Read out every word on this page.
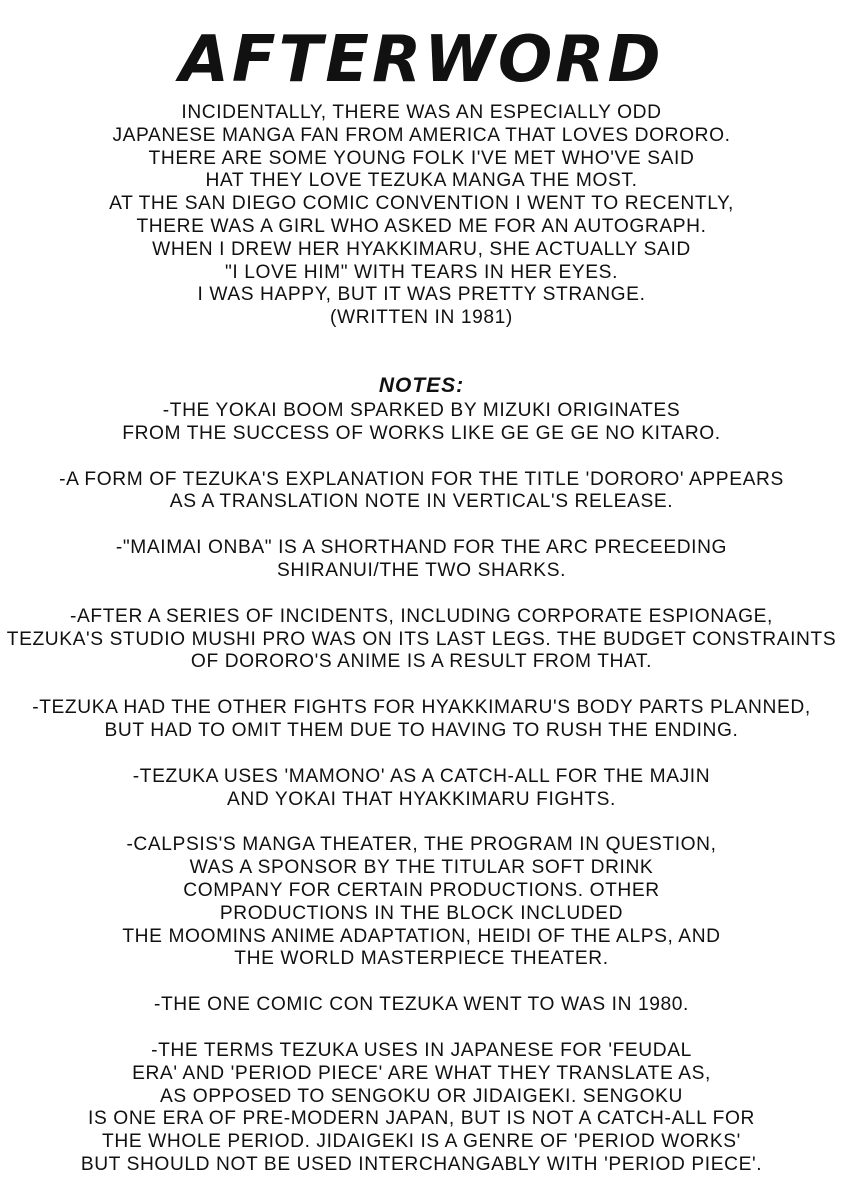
AFTERWORD
INCIDENTALLY, THERE WAS AN ESPECIALLY ODD
JAPANESE MANGA FAN FROM AMERICA THAT LOVES DORORO.
THERE ARE SOME YOUNG FOLK I'VE MET WHO'VE SAID
HAT THEY LOVE TEZUKA MANGA THE MOST.
AT THE SAN DIEGO COMIC CONVENTION I WENT TO RECENTLY,
THERE WAS A GIRL WHO ASKED ME FOR AN AUTOGRAPH.
WHEN I DREW HER HYAKKIMARU, SHE ACTUALLY SAID
"I LOVE HIM" WITH TEARS IN HER EYES.
I WAS HAPPY, BUT IT WAS PRETTY STRANGE.
(WRITTEN IN 1981)
NOTES:
-THE YOKAI BOOM SPARKED BY MIZUKI ORIGINATES
FROM THE SUCCESS OF WORKS LIKE GE GE GE NO KITARO.
-A FORM OF TEZUKA'S EXPLANATION FOR THE TITLE 'DORORO' APPEARS
AS A TRANSLATION NOTE IN VERTICAL'S RELEASE.
-"MAIMAI ONBA" IS A SHORTHAND FOR THE ARC PRECEEDING
SHIRANUI/THE TWO SHARKS.
-AFTER A SERIES OF INCIDENTS, INCLUDING CORPORATE ESPIONAGE,
TEZUKA'S STUDIO MUSHI PRO WAS ON ITS LAST LEGS. THE BUDGET CONSTRAINTS
OF DORORO'S ANIME IS A RESULT FROM THAT.
-TEZUKA HAD THE OTHER FIGHTS FOR HYAKKIMARU'S BODY PARTS PLANNED,
BUT HAD TO OMIT THEM DUE TO HAVING TO RUSH THE ENDING.
-TEZUKA USES 'MAMONO' AS A CATCH-ALL FOR THE MAJIN
AND YOKAI THAT HYAKKIMARU FIGHTS.
-CALPSIS'S MANGA THEATER, THE PROGRAM IN QUESTION,
WAS A SPONSOR BY THE TITULAR SOFT DRINK
COMPANY FOR CERTAIN PRODUCTIONS. OTHER
PRODUCTIONS IN THE BLOCK INCLUDED
THE MOOMINS ANIME ADAPTATION, HEIDI OF THE ALPS, AND
THE WORLD MASTERPIECE THEATER.
-THE ONE COMIC CON TEZUKA WENT TO WAS IN 1980.
-THE TERMS TEZUKA USES IN JAPANESE FOR 'FEUDAL
ERA' AND 'PERIOD PIECE' ARE WHAT THEY TRANSLATE AS,
AS OPPOSED TO SENGOKU OR JIDAIGEKI. SENGOKU
IS ONE ERA OF PRE-MODERN JAPAN, BUT IS NOT A CATCH-ALL FOR
THE WHOLE PERIOD. JIDAIGEKI IS A GENRE OF 'PERIOD WORKS'
BUT SHOULD NOT BE USED INTERCHANGABLY WITH 'PERIOD PIECE'.
